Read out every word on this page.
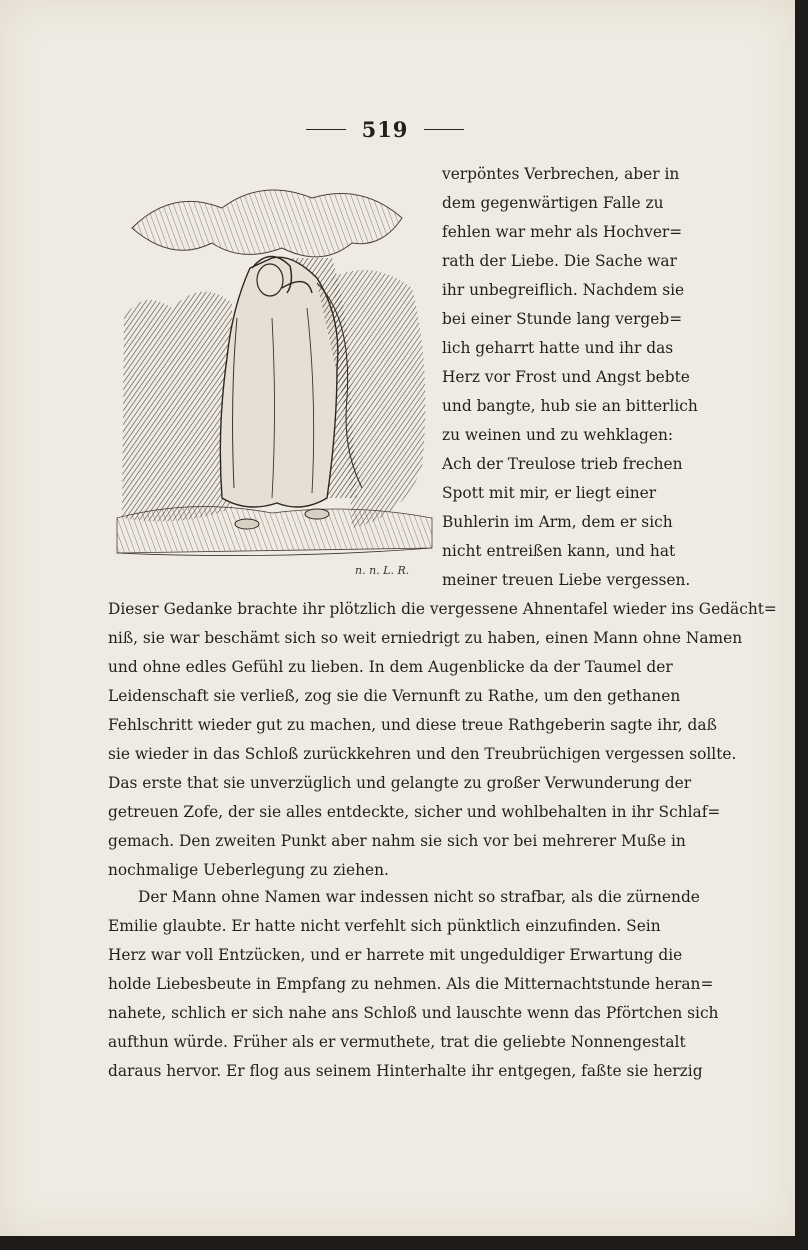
519
n. n. L. R.
verpöntes Verbrechen, aber in
dem gegenwärtigen Falle zu
fehlen war mehr als Hochver=
rath der Liebe. Die Sache war
ihr unbegreiflich. Nachdem sie
bei einer Stunde lang vergeb=
lich geharrt hatte und ihr das
Herz vor Frost und Angst bebte
und bangte, hub sie an bitterlich
zu weinen und zu wehklagen:
Ach der Treulose trieb frechen
Spott mit mir, er liegt einer
Buhlerin im Arm, dem er sich
nicht entreißen kann, und hat
meiner treuen Liebe vergessen.
Dieser Gedanke brachte ihr plötzlich die vergessene Ahnentafel wieder ins Gedächt=
niß, sie war beschämt sich so weit erniedrigt zu haben, einen Mann ohne Namen
und ohne edles Gefühl zu lieben. In dem Augenblicke da der Taumel der
Leidenschaft sie verließ, zog sie die Vernunft zu Rathe, um den gethanen
Fehlschritt wieder gut zu machen, und diese treue Rathgeberin sagte ihr, daß
sie wieder in das Schloß zurückkehren und den Treubrüchigen vergessen sollte.
Das erste that sie unverzüglich und gelangte zu großer Verwunderung der
getreuen Zofe, der sie alles entdeckte, sicher und wohlbehalten in ihr Schlaf=
gemach. Den zweiten Punkt aber nahm sie sich vor bei mehrerer Muße in
nochmalige Ueberlegung zu ziehen.
Der Mann ohne Namen war indessen nicht so strafbar, als die zürnende
Emilie glaubte. Er hatte nicht verfehlt sich pünktlich einzufinden. Sein
Herz war voll Entzücken, und er harrete mit ungeduldiger Erwartung die
holde Liebesbeute in Empfang zu nehmen. Als die Mitternachtstunde heran=
nahete, schlich er sich nahe ans Schloß und lauschte wenn das Pförtchen sich
aufthun würde. Früher als er vermuthete, trat die geliebte Nonnengestalt
daraus hervor. Er flog aus seinem Hinterhalte ihr entgegen, faßte sie herzig
